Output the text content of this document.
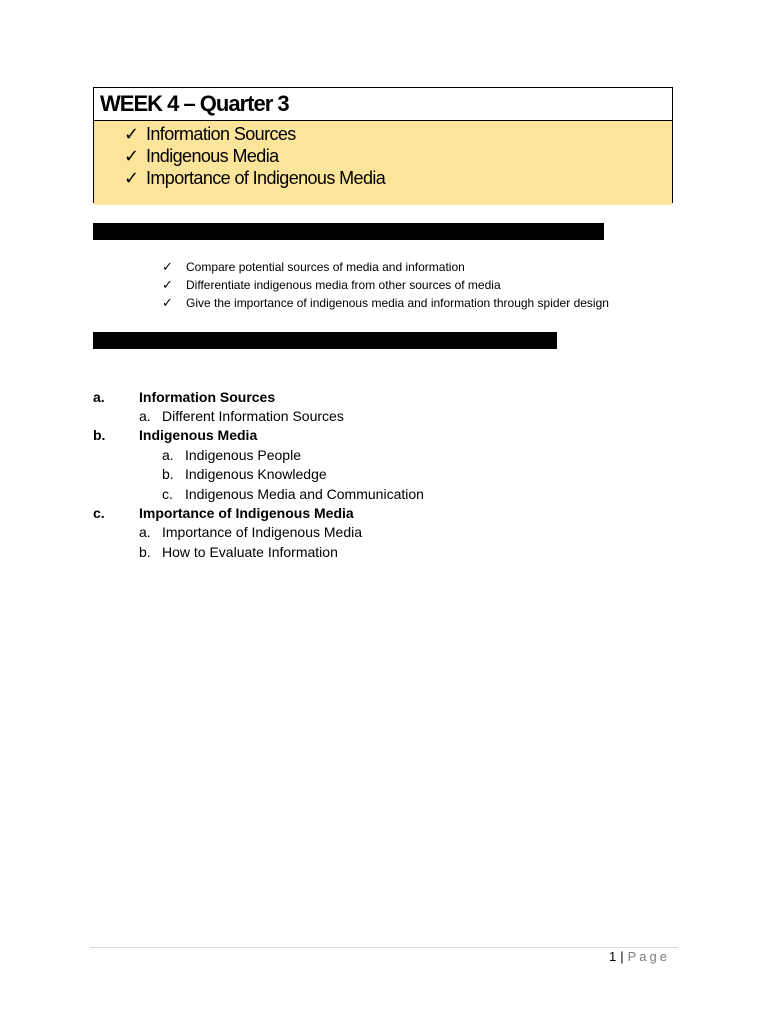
WEEK 4 – Quarter 3
✓ Information Sources
✓ Indigenous Media
✓ Importance of Indigenous Media
✓	Compare potential sources of media and information
✓	Differentiate indigenous media from other sources of media
✓	Give the importance of indigenous media and information through spider design
a.	Information Sources
a. Different Information Sources
b.	Indigenous Media
a. Indigenous People
b. Indigenous Knowledge
c. Indigenous Media and Communication
c.	Importance of Indigenous Media
a. Importance of Indigenous Media
b. How to Evaluate Information
1 | Page
